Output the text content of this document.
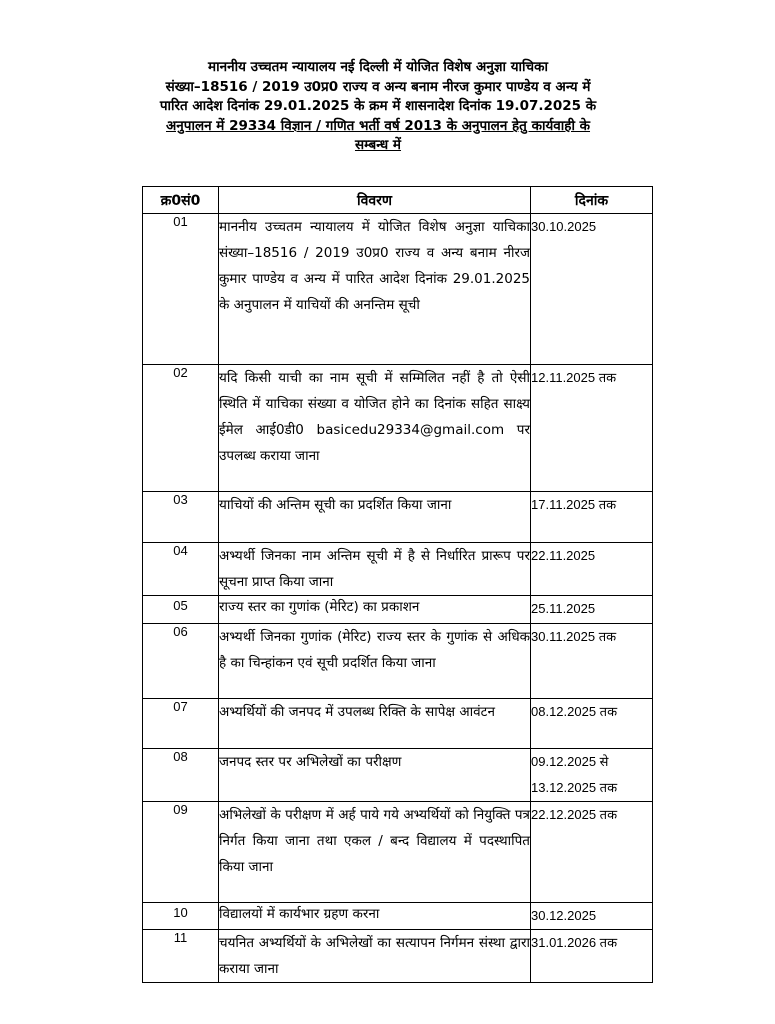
माननीय उच्चतम न्यायालय नई दिल्ली में योजित विशेष अनुज्ञा याचिका
संख्या–18516 / 2019 उ0प्र0 राज्य व अन्य बनाम नीरज कुमार पाण्डेय व अन्य में
पारित आदेश दिनांक 29.01.2025 के क्रम में शासनादेश दिनांक 19.07.2025 के
अनुपालन में 29334 विज्ञान / गणित भर्ती वर्ष 2013 के अनुपालन हेतु कार्यवाही के
सम्बन्ध में
क्र0सं0	विवरण	दिनांक
01	माननीय उच्चतम न्यायालय में योजित विशेष अनुज्ञा याचिका संख्या–18516 / 2019 उ0प्र0 राज्य व अन्य बनाम नीरज कुमार पाण्डेय व अन्य में पारित आदेश दिनांक 29.01.2025 के अनुपालन में याचियों की अनन्तिम सूची	30.10.2025
02	यदि किसी याची का नाम सूची में सम्मिलित नहीं है तो ऐसी स्थिति में याचिका संख्या व योजित होने का दिनांक सहित साक्ष्य ईमेल आई0डी0 basicedu29334@gmail.com पर उपलब्ध कराया जाना	12.11.2025 तक
03	याचियों की अन्तिम सूची का प्रदर्शित किया जाना	17.11.2025 तक
04	अभ्यर्थी जिनका नाम अन्तिम सूची में है से निर्धारित प्रारूप पर सूचना प्राप्त किया जाना	22.11.2025
05	राज्य स्तर का गुणांक (मेरिट) का प्रकाशन	25.11.2025
06	अभ्यर्थी जिनका गुणांक (मेरिट) राज्य स्तर के गुणांक से अधिक है का चिन्हांकन एवं सूची प्रदर्शित किया जाना	30.11.2025 तक
07	अभ्यर्थियों की जनपद में उपलब्ध रिक्ति के सापेक्ष आवंटन	08.12.2025 तक
08	जनपद स्तर पर अभिलेखों का परीक्षण	09.12.2025 से
13.12.2025 तक

09	अभिलेखों के परीक्षण में अर्ह पाये गये अभ्यर्थियों को नियुक्ति पत्र निर्गत किया जाना तथा एकल / बन्द विद्यालय में पदस्थापित किया जाना	22.12.2025 तक
10	विद्यालयों में कार्यभार ग्रहण करना	30.12.2025
11	चयनित अभ्यर्थियों के अभिलेखों का सत्यापन निर्गमन संस्था द्वारा कराया जाना	31.01.2026 तक
